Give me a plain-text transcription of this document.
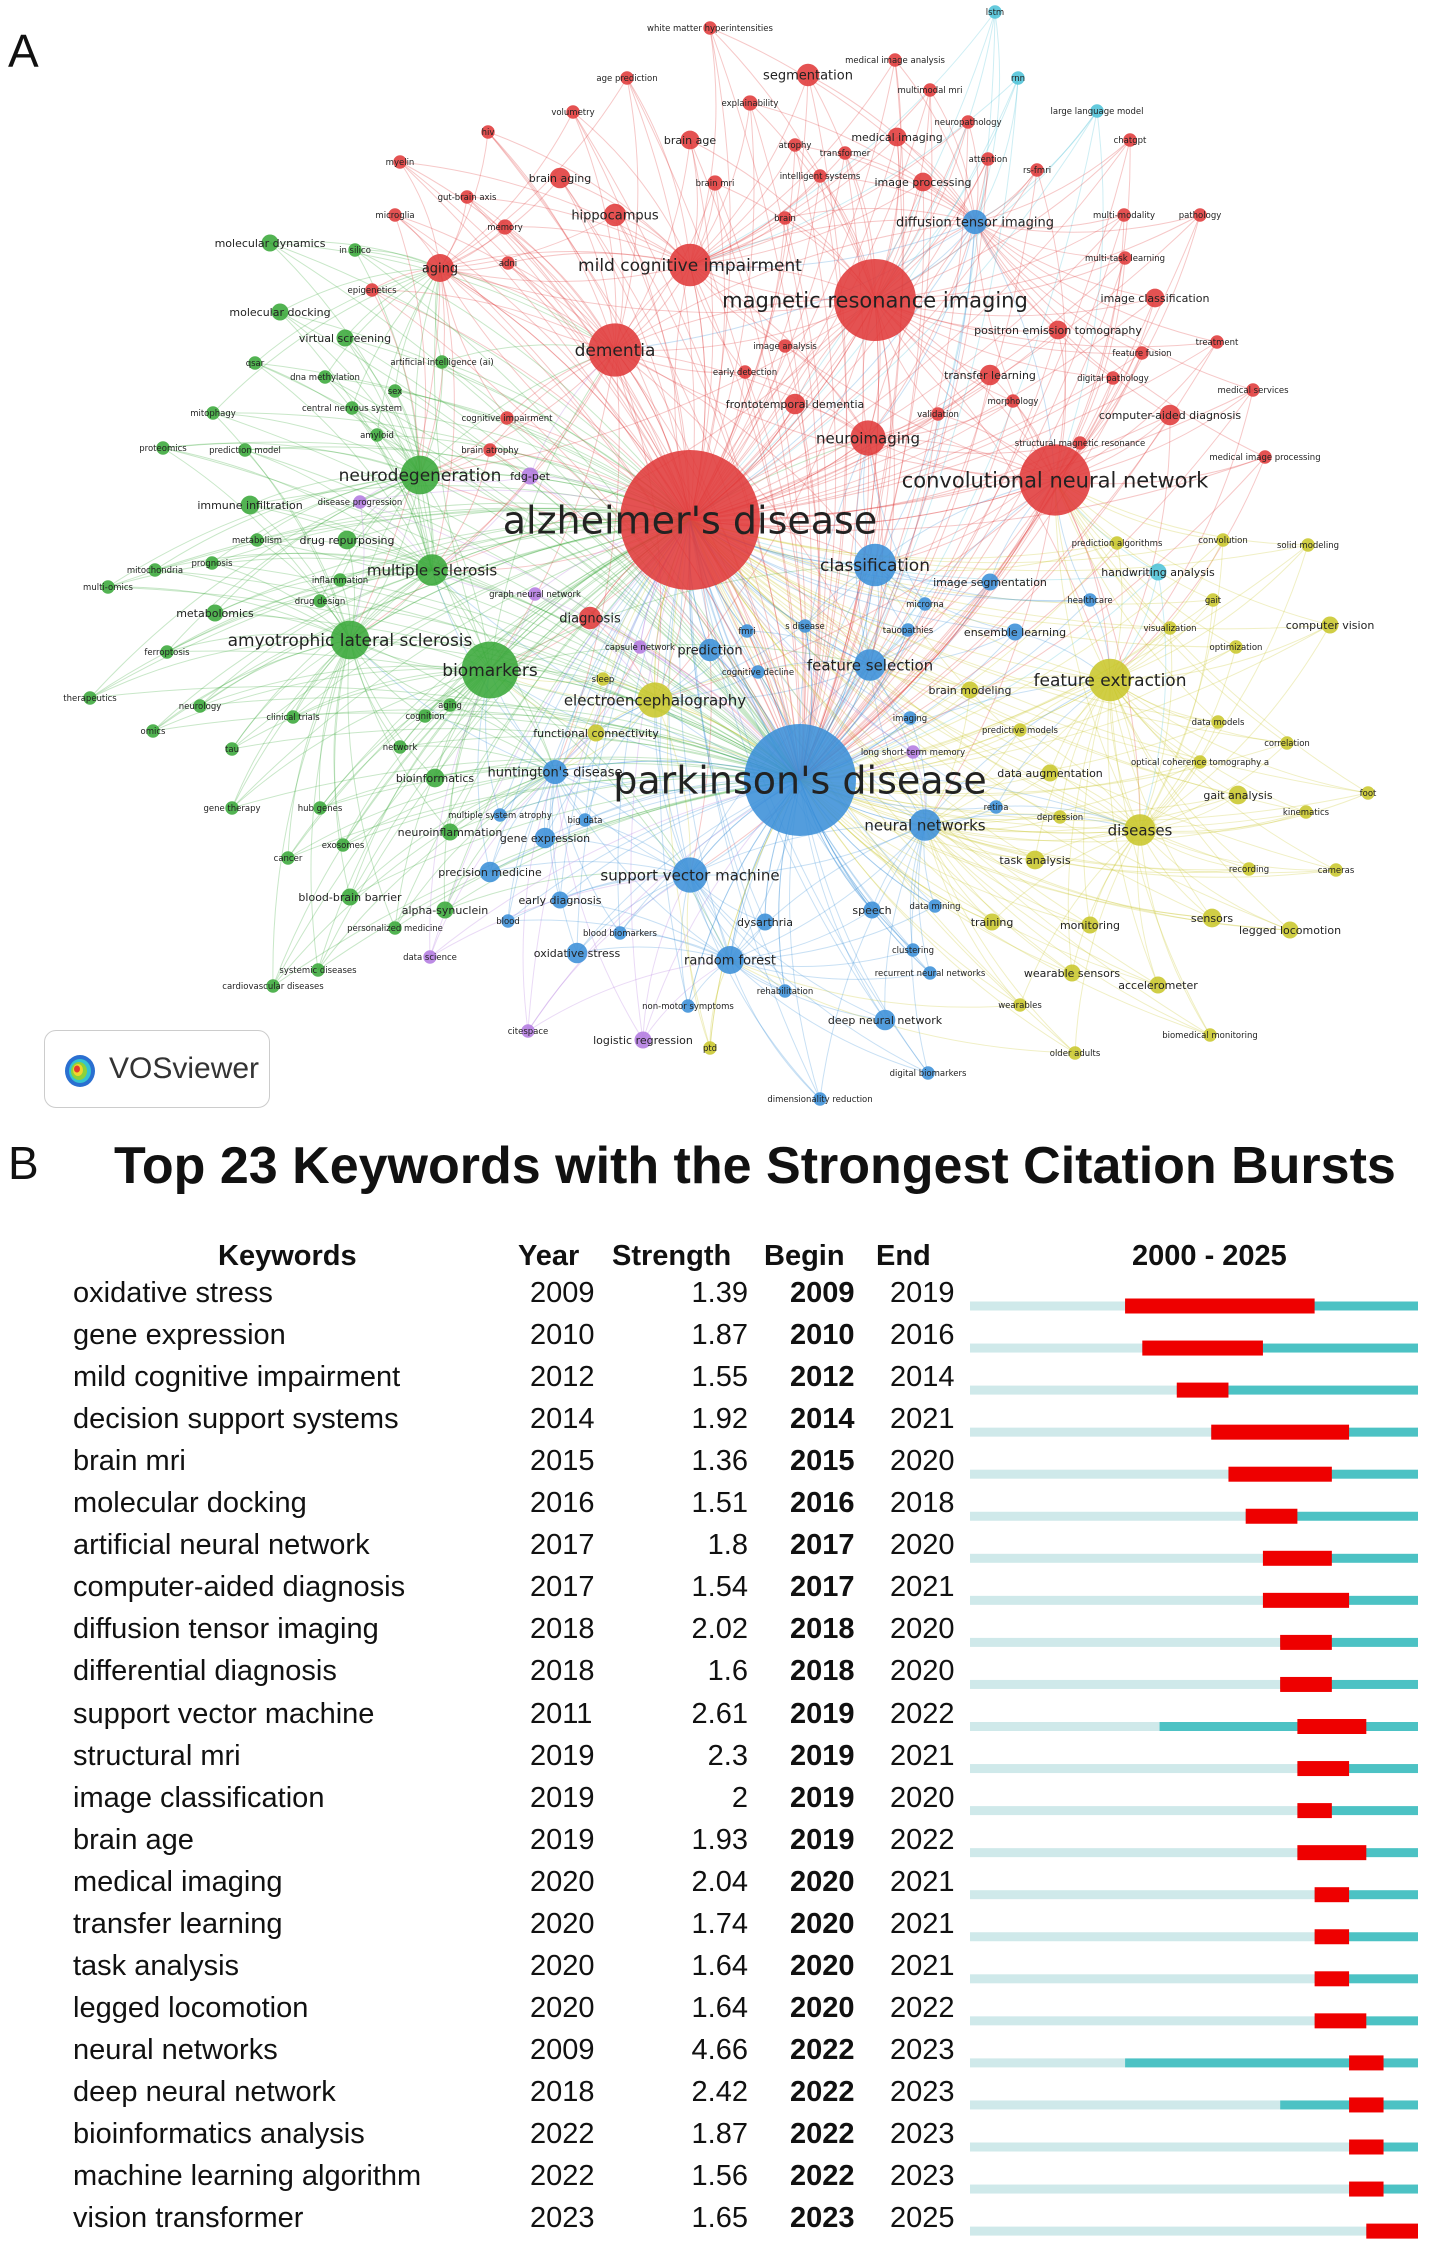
A
alzheimer's disease
parkinson's disease
magnetic resonance imaging
convolutional neural network
biomarkers
dementia
mild cognitive impairment
amyotrophic lateral sclerosis
neurodegeneration
classification
feature extraction
support vector machine
neuroimaging
electroencephalography
feature selection
neural networks	diseases
multiple sclerosis
aging
random forest
diffusion tensor imaging
huntington's disease
prediction
diagnosis
segmentation
hippocampus
brain aging
frontotemporal dementia
transfer learning
computer-aided diagnosis
deep neural network
gene expression
oxidative stress
precision medicine
image processing
positron emission tomography
image classification
brain age	medical imaging
drug repurposing
immune infiltration
bioinformatics
task analysis
gait analysis
sensors
computer vision
handwriting analysis
speech
data augmentation
ensemble learning
image segmentation
wearable sensors
monitoring
training
accelerometer
legged locomotion
molecular docking
virtual screening
molecular dynamics
neuroinflammation
alpha-synuclein
blood-brain barrier
metabolomics
early diagnosis
dysarthria
brain modeling
functional connectivity
logistic regression
fdg-pet
explainability
brain mri
memory
white matter hyperintensities
age prediction
medical image analysis
multimodal mri
neuropathology
large language model
chatgpt
lstm
rnn
multi-modality	pathology
multi-task learning
treatment
medical services
medical image processing
solid modeling
convolution
gait
optimization
data models
correlation
foot
kinematics
cameras
recording
biomedical monitoring
older adults
wearables
digital biomarkers
dimensionality reduction
therapeutics
omics
tau
proteomics
mitophagy
mitochondria
ferroptosis
neurology
qsar
myelin
microglia
in silico
gut-brain axis
epigenetics
hiv
volumetry
cancer
exosomes
gene therapy	hub genes
clinical trials
cardiovascular diseases
systemic diseases
personalized medicine
citespace
rehabilitation
non-motor symptoms
recurrent neural networks
clustering
data mining
depression
retina
long short-term memory
imaging
predictive models
optical coherence tomography a
visualization
healthcare
prediction algorithms
microrna
tauopathies
fmri
cognitive decline
sleep
capsule network
graph neural network
big data
multiple system atrophy
blood biomarkers
blood
data science
ptd
network
cognition
aging
drug design
inflammation
metabolism
prognosis
multi-omics
disease progression
amyloid
brain atrophy
cognitive impairment
central nervous system
sex
dna methylation
artificial intelligence (ai)
adni
prediction model
early detection
image analysis
validation
morphology
structural magnetic resonance
digital pathology
feature fusion
attention
rs-fmri
atrophy
transformer
intelligent systems
brain
s disease
VOSviewer
B Top 23 Keywords with the Strongest Citation Bursts
Keywords	Year Strength Begin End	2000 - 2025
oxidative stress	2009	1.39 2009 2019
gene expression	2010	1.87 2010 2016
mild cognitive impairment	2012	1.55 2012 2014
decision support systems	2014	1.92 2014 2021
brain mri	2015	1.36 2015 2020
molecular docking	2016	1.51 2016 2018
artificial neural network	2017	1.8 2017 2020
computer-aided diagnosis	2017	1.54 2017 2021
diffusion tensor imaging	2018	2.02 2018 2020
differential diagnosis	2018	1.6 2018 2020
support vector machine	2011	2.61 2019 2022
structural mri	2019	2.3 2019 2021
image classification	2019	2 2019 2020
brain age	2019	1.93 2019 2022
medical imaging	2020	2.04 2020 2021
transfer learning	2020	1.74 2020 2021
task analysis	2020	1.64 2020 2021
legged locomotion	2020	1.64 2020 2022
neural networks	2009	4.66 2022 2023
deep neural network	2018	2.42 2022 2023
bioinformatics analysis	2022	1.87 2022 2023
machine learning algorithm	2022	1.56 2022 2023
vision transformer	2023	1.65 2023 2025
